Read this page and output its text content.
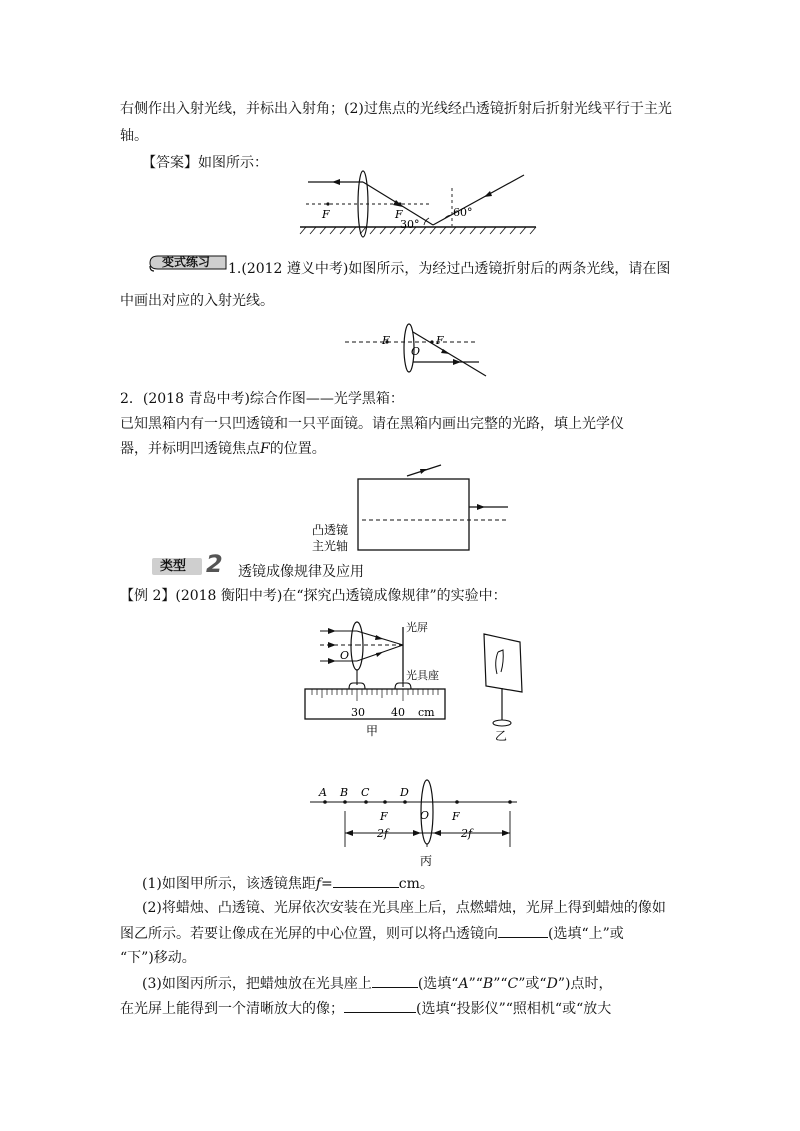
右侧作出入射光线，并标出入射角；(2)过焦点的光线经凸透镜折射后折射光线平行于主光
轴。
【答案】如图所示：
F	F
30°
60°
变式练习 1.(2012 遵义中考)如图所示，为经过凸透镜折射后的两条光线，请在图
中画出对应的入射光线。
F
O
F
2．(2018 青岛中考)综合作图——光学黑箱：
已知黑箱内有一只凹透镜和一只平面镜。请在黑箱内画出完整的光路，填上光学仪
器，并标明凹透镜焦点F的位置。
凸透镜
主光轴
类型 2 透镜成像规律及应用
【例 2】(2018 衡阳中考)在“探究凸透镜成像规律”的实验中：
O
光屏
光具座
30 40 cm
甲	乙
A B C	D
F	O F
2f	2f
丙
(1)如图甲所示，该透镜焦距f=	cm。
(2)将蜡烛、凸透镜、光屏依次安装在光具座上后，点燃蜡烛，光屏上得到蜡烛的像如
图乙所示。若要让像成在光屏的中心位置，则可以将凸透镜向	(选填“上”或
“下”)移动。
(3)如图丙所示，把蜡烛放在光具座上	(选填“A”“B”“C”或“D”)点时，
在光屏上能得到一个清晰放大的像；	(选填“投影仪”“照相机“或“放大
